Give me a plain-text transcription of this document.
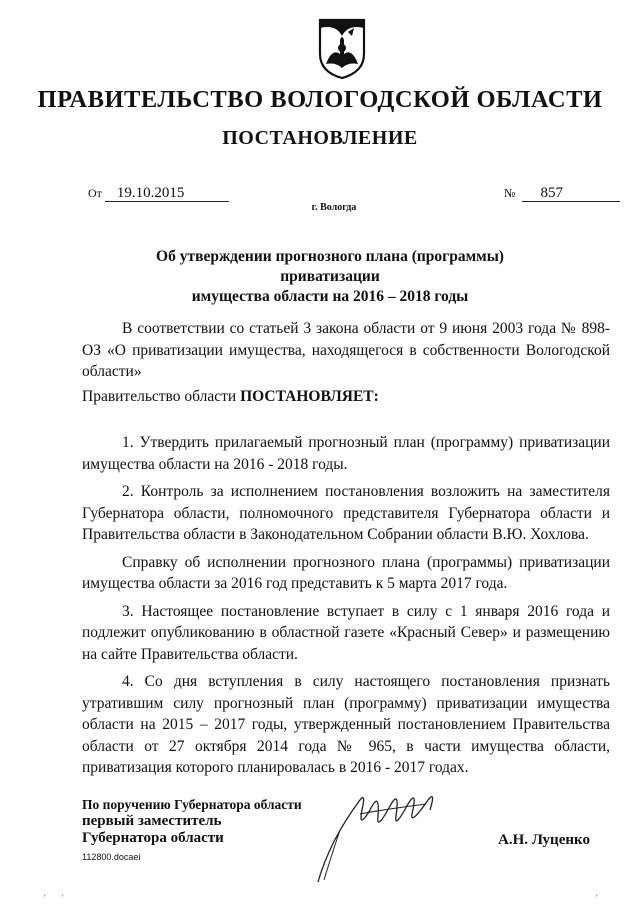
ПРАВИТЕЛЬСТВО ВОЛОГОДСКОЙ ОБЛАСТИ
ПОСТАНОВЛЕНИЕ
От 19.10.2015	№ 857
г. Вологда
Об утверждении прогнозного плана (программы) приватизации
имущества области на 2016 – 2018 годы

В соответствии со статьей 3 закона области от 9 июня 2003 года № 898-ОЗ «О приватизации имущества, находящегося в собственности Вологодской области»

Правительство области ПОСТАНОВЛЯЕТ:

1. Утвердить прилагаемый прогнозный план (программу) приватизации имущества области на 2016 - 2018 годы.

2. Контроль за исполнением постановления возложить на заместителя Губернатора области, полномочного представителя Губернатора области и Правительства области в Законодательном Собрании области В.Ю. Хохлова.

Справку об исполнении прогнозного плана (программы) приватизации имущества области за 2016 год представить к 5 марта 2017 года.

3. Настоящее постановление вступает в силу с 1 января 2016 года и подлежит опубликованию в областной газете «Красный Север» и размещению на сайте Правительства области.

4. Со дня вступления в силу настоящего постановления признать утратившим силу прогнозный план (программу) приватизации имущества области на 2015 – 2017 годы, утвержденный постановлением Правительства области от 27 октября 2014 года № 965, в части имущества области, приватизация которого планировалась в 2016 - 2017 годах.

По поручению Губернатора области
первый заместитель
Губернатора области
112800.docaei
А.Н. Луценко
' '	'
